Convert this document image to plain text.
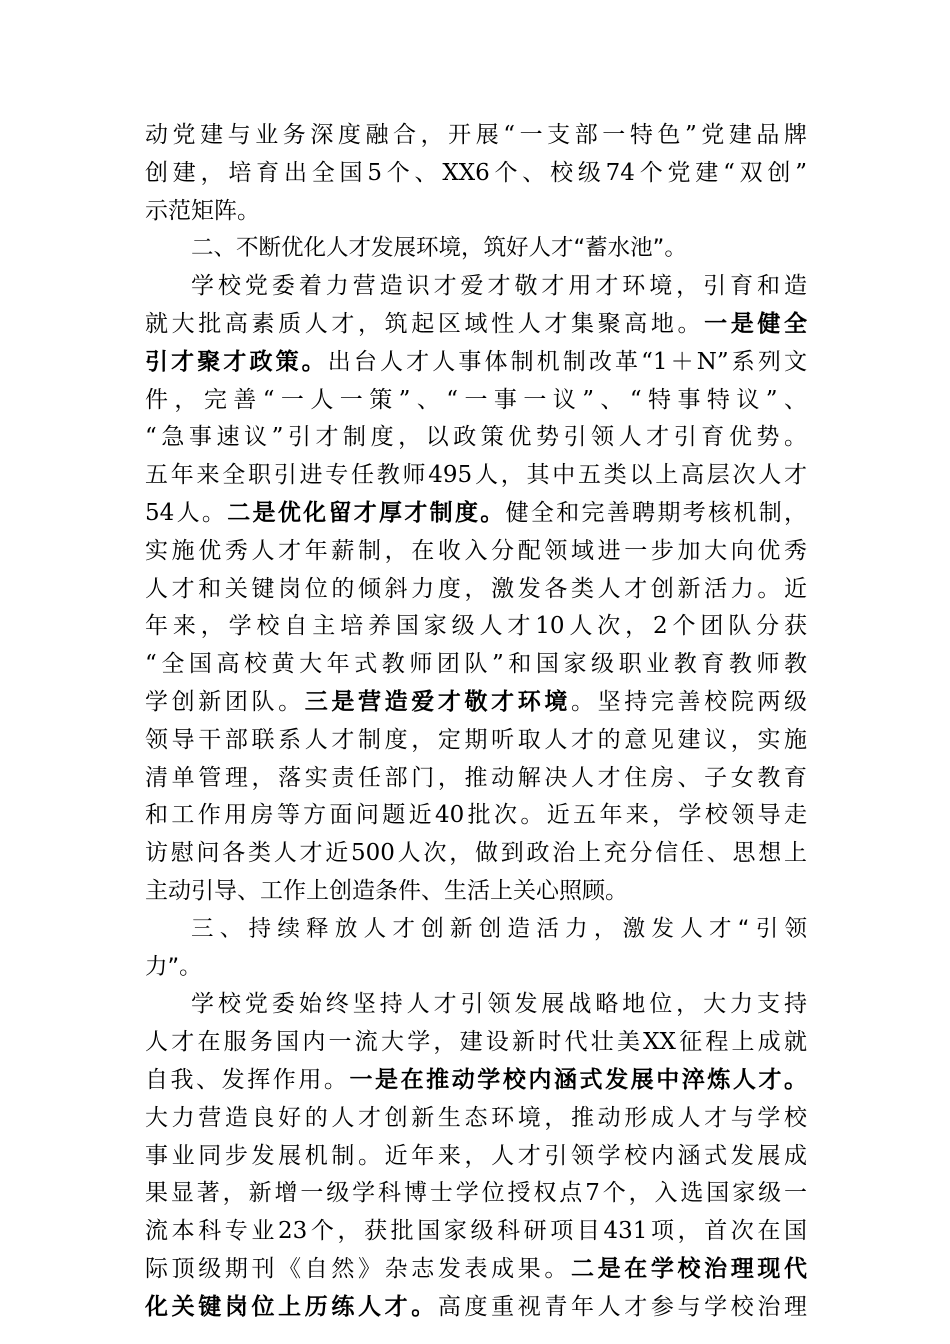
动党建与业务深度融合，开展“一支部一特色”党建品牌
创建，培育出全国5个、XX6个、校级74个党建“双创”
示范矩阵。
二、不断优化人才发展环境，筑好人才“蓄水池”。
学校党委着力营造识才爱才敬才用才环境，引育和造
就大批高素质人才，筑起区域性人才集聚高地。一是健全
引才聚才政策。出台人才人事体制机制改革“1＋N”系列文
件，完善“一人一策”、“一事一议”、“特事特议”、
“急事速议”引才制度，以政策优势引领人才引育优势。
五年来全职引进专任教师495人，其中五类以上高层次人才
54人。二是优化留才厚才制度。健全和完善聘期考核机制，
实施优秀人才年薪制，在收入分配领域进一步加大向优秀
人才和关键岗位的倾斜力度，激发各类人才创新活力。近
年来，学校自主培养国家级人才10人次，2个团队分获
“全国高校黄大年式教师团队”和国家级职业教育教师教
学创新团队。三是营造爱才敬才环境。坚持完善校院两级
领导干部联系人才制度，定期听取人才的意见建议，实施
清单管理，落实责任部门，推动解决人才住房、子女教育
和工作用房等方面问题近40批次。近五年来，学校领导走
访慰问各类人才近500人次，做到政治上充分信任、思想上
主动引导、工作上创造条件、生活上关心照顾。
三、持续释放人才创新创造活力，激发人才“引领
力”。
学校党委始终坚持人才引领发展战略地位，大力支持
人才在服务国内一流大学，建设新时代壮美XX征程上成就
自我、发挥作用。一是在推动学校内涵式发展中淬炼人才。
大力营造良好的人才创新生态环境，推动形成人才与学校
事业同步发展机制。近年来，人才引领学校内涵式发展成
果显著，新增一级学科博士学位授权点7个，入选国家级一
流本科专业23个，获批国家级科研项目431项，首次在国
际顶级期刊《自然》杂志发表成果。二是在学校治理现代
化关键岗位上历练人才。高度重视青年人才参与学校治理
